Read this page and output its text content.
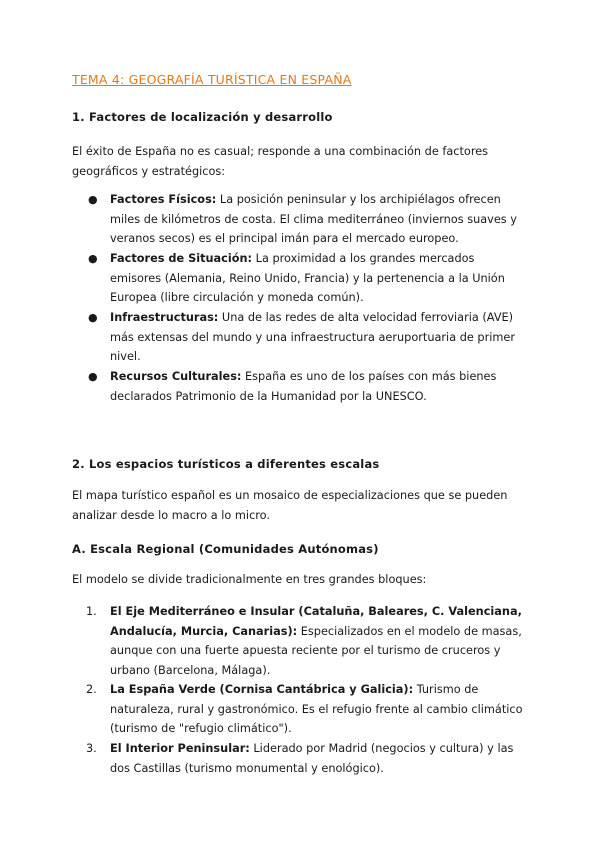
TEMA 4: GEOGRAFÍA TURÍSTICA EN ESPAÑA
1. Factores de localización y desarrollo

El éxito de España no es casual; responde a una combinación de factores geográficos y estratégicos:

● Factores Físicos: La posición peninsular y los archipiélagos ofrecen miles de kilómetros de costa. El clima mediterráneo (inviernos suaves y veranos secos) es el principal imán para el mercado europeo.
● Factores de Situación: La proximidad a los grandes mercados emisores (Alemania, Reino Unido, Francia) y la pertenencia a la Unión Europea (libre circulación y moneda común).
● Infraestructuras: Una de las redes de alta velocidad ferroviaria (AVE) más extensas del mundo y una infraestructura aeruportuaria de primer nivel.
● Recursos Culturales: España es uno de los países con más bienes declarados Patrimonio de la Humanidad por la UNESCO.
2. Los espacios turísticos a diferentes escalas

El mapa turístico español es un mosaico de especializaciones que se pueden analizar desde lo macro a lo micro.

A. Escala Regional (Comunidades Autónomas)

El modelo se divide tradicionalmente en tres grandes bloques:

1. El Eje Mediterráneo e Insular (Cataluña, Baleares, C. Valenciana, Andalucía, Murcia, Canarias): Especializados en el modelo de masas, aunque con una fuerte apuesta reciente por el turismo de cruceros y urbano (Barcelona, Málaga).
2. La España Verde (Cornisa Cantábrica y Galicia): Turismo de naturaleza, rural y gastronómico. Es el refugio frente al cambio climático (turismo de "refugio climático").
3. El Interior Peninsular: Liderado por Madrid (negocios y cultura) y las dos Castillas (turismo monumental y enológico).
